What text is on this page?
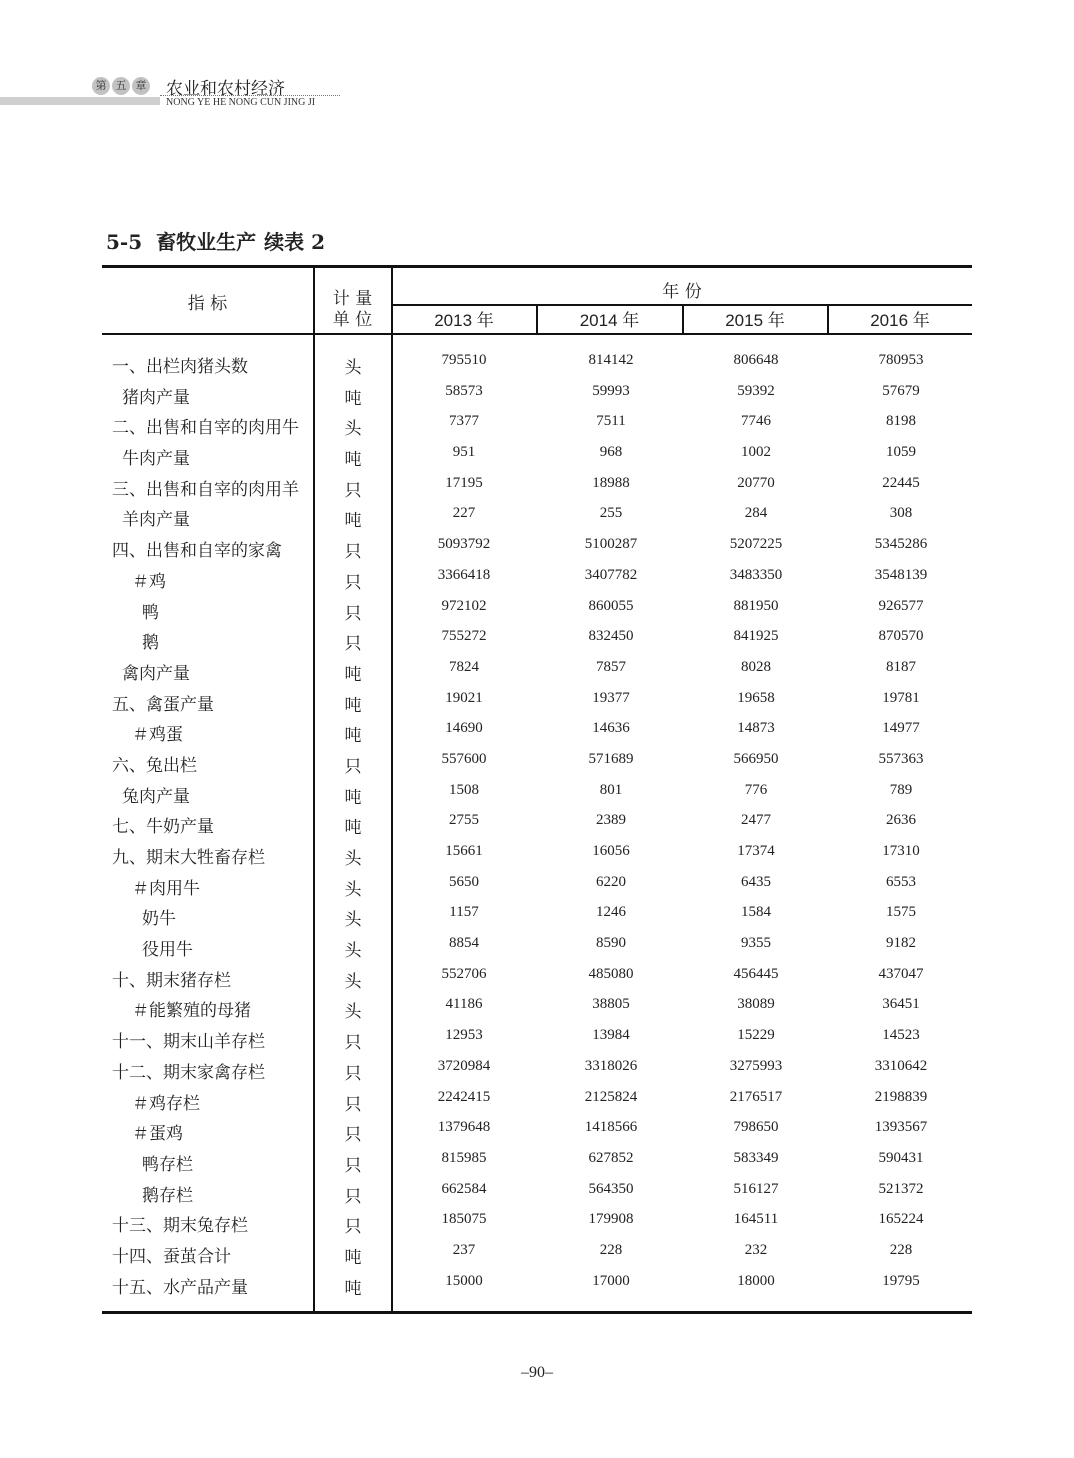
第 五 章 农业和农村经济
NONG YE HE NONG CUN JING JI
5-5 畜牧业生产 续表 2
指 标	计 量
单 位
年 份
2013 年	2014 年	2015 年	2016 年
一、出栏肉猪头数	头	795510	814142	806648	780953
猪肉产量	吨	58573	59993	59392	57679
二、出售和自宰的肉用牛	头	7377	7511	7746	8198
牛肉产量	吨	951	968	1002	1059
三、出售和自宰的肉用羊	只	17195	18988	20770	22445
羊肉产量	吨	227	255	284	308
四、出售和自宰的家禽	只	5093792	5100287	5207225	5345286
＃鸡	只	3366418	3407782	3483350	3548139
鸭	只	972102	860055	881950	926577
鹅	只	755272	832450	841925	870570
禽肉产量	吨	7824	7857	8028	8187
五、禽蛋产量	吨	19021	19377	19658	19781
＃鸡蛋	吨	14690	14636	14873	14977
六、兔出栏	只	557600	571689	566950	557363
兔肉产量	吨	1508	801	776	789
七、牛奶产量	吨	2755	2389	2477	2636
九、期末大牲畜存栏	头	15661	16056	17374	17310
＃肉用牛	头	5650	6220	6435	6553
奶牛	头	1157	1246	1584	1575
役用牛	头	8854	8590	9355	9182
十、期末猪存栏	头	552706	485080	456445	437047
＃能繁殖的母猪	头	41186	38805	38089	36451
十一、期末山羊存栏	只	12953	13984	15229	14523
十二、期末家禽存栏	只	3720984	3318026	3275993	3310642
＃鸡存栏	只	2242415	2125824	2176517	2198839
＃蛋鸡	只	1379648	1418566	798650	1393567
鸭存栏	只	815985	627852	583349	590431
鹅存栏	只	662584	564350	516127	521372
十三、期末兔存栏	只	185075	179908	164511	165224
十四、蚕茧合计	吨	237	228	232	228
十五、水产品产量	吨	15000	17000	18000	19795
–90–
